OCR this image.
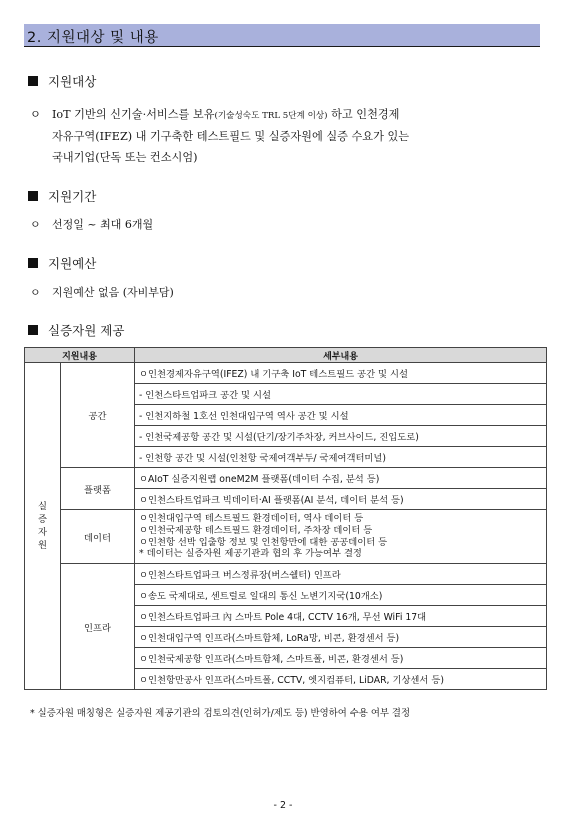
2. 지원대상 및 내용
지원대상
ㅇ IoT 기반의 신기술·서비스를 보유(기술성숙도 TRL 5단계 이상) 하고 인천경제
자유구역(IFEZ) 내 기구축한 테스트필드 및 실증자원에 실증 수요가 있는
국내기업(단독 또는 컨소시엄)
지원기간
ㅇ 선정일 ~ 최대 6개월
지원예산
ㅇ 지원예산 없음 (자비부담)
실증자원 제공
지원내용		세부내용

실
증
자
원	공간	ㅇ인천경제자유구역(IFEZ) 내 기구축 IoT 테스트필드 공간 및 시설
		- 인천스타트업파크 공간 및 시설
		- 인천지하철 1호선 인천대입구역 역사 공간 및 시설
		- 인천국제공항 공간 및 시설(단기/장기주차장, 커브사이드, 진입도로)
		- 인천항 공간 및 시설(인천항 국제여객부두/ 국제여객터미널)
	플랫폼	ㅇAIoT 실증지원랩 oneM2M 플랫폼(데이터 수집, 분석 등)
		ㅇ인천스타트업파크 빅데이터·AI 플랫폼(AI 분석, 데이터 분석 등)
	데이터	ㅇ인천대입구역 테스트필드 환경데이터, 역사 데이터 등
ㅇ인천국제공항 테스트필드 환경데이터, 주차장 데이터 등
ㅇ인천항 선박 입출항 정보 및 인천항만에 대한 공공데이터 등
* 데이터는 실증자원 제공기관과 협의 후 가능여부 결정

	인프라	ㅇ인천스타트업파크 버스정류장(버스쉘터) 인프라
		ㅇ송도 국제대로, 센트럴로 일대의 통신 노변기지국(10개소)
		ㅇ인천스타트업파크 內 스마트 Pole 4대, CCTV 16개, 무선 WiFi 17대
		ㅇ인천대입구역 인프라(스마트함체, LoRa망, 비콘, 환경센서 등)
		ㅇ인천국제공항 인프라(스마트함체, 스마트폴, 비콘, 환경센서 등)
		ㅇ인천항만공사 인프라(스마트폴, CCTV, 엣지컴퓨터, LiDAR, 기상센서 등)
* 실증자원 매칭형은 실증자원 제공기관의 검토의견(인허가/제도 등) 반영하여 수용 여부 결정
- 2 -
